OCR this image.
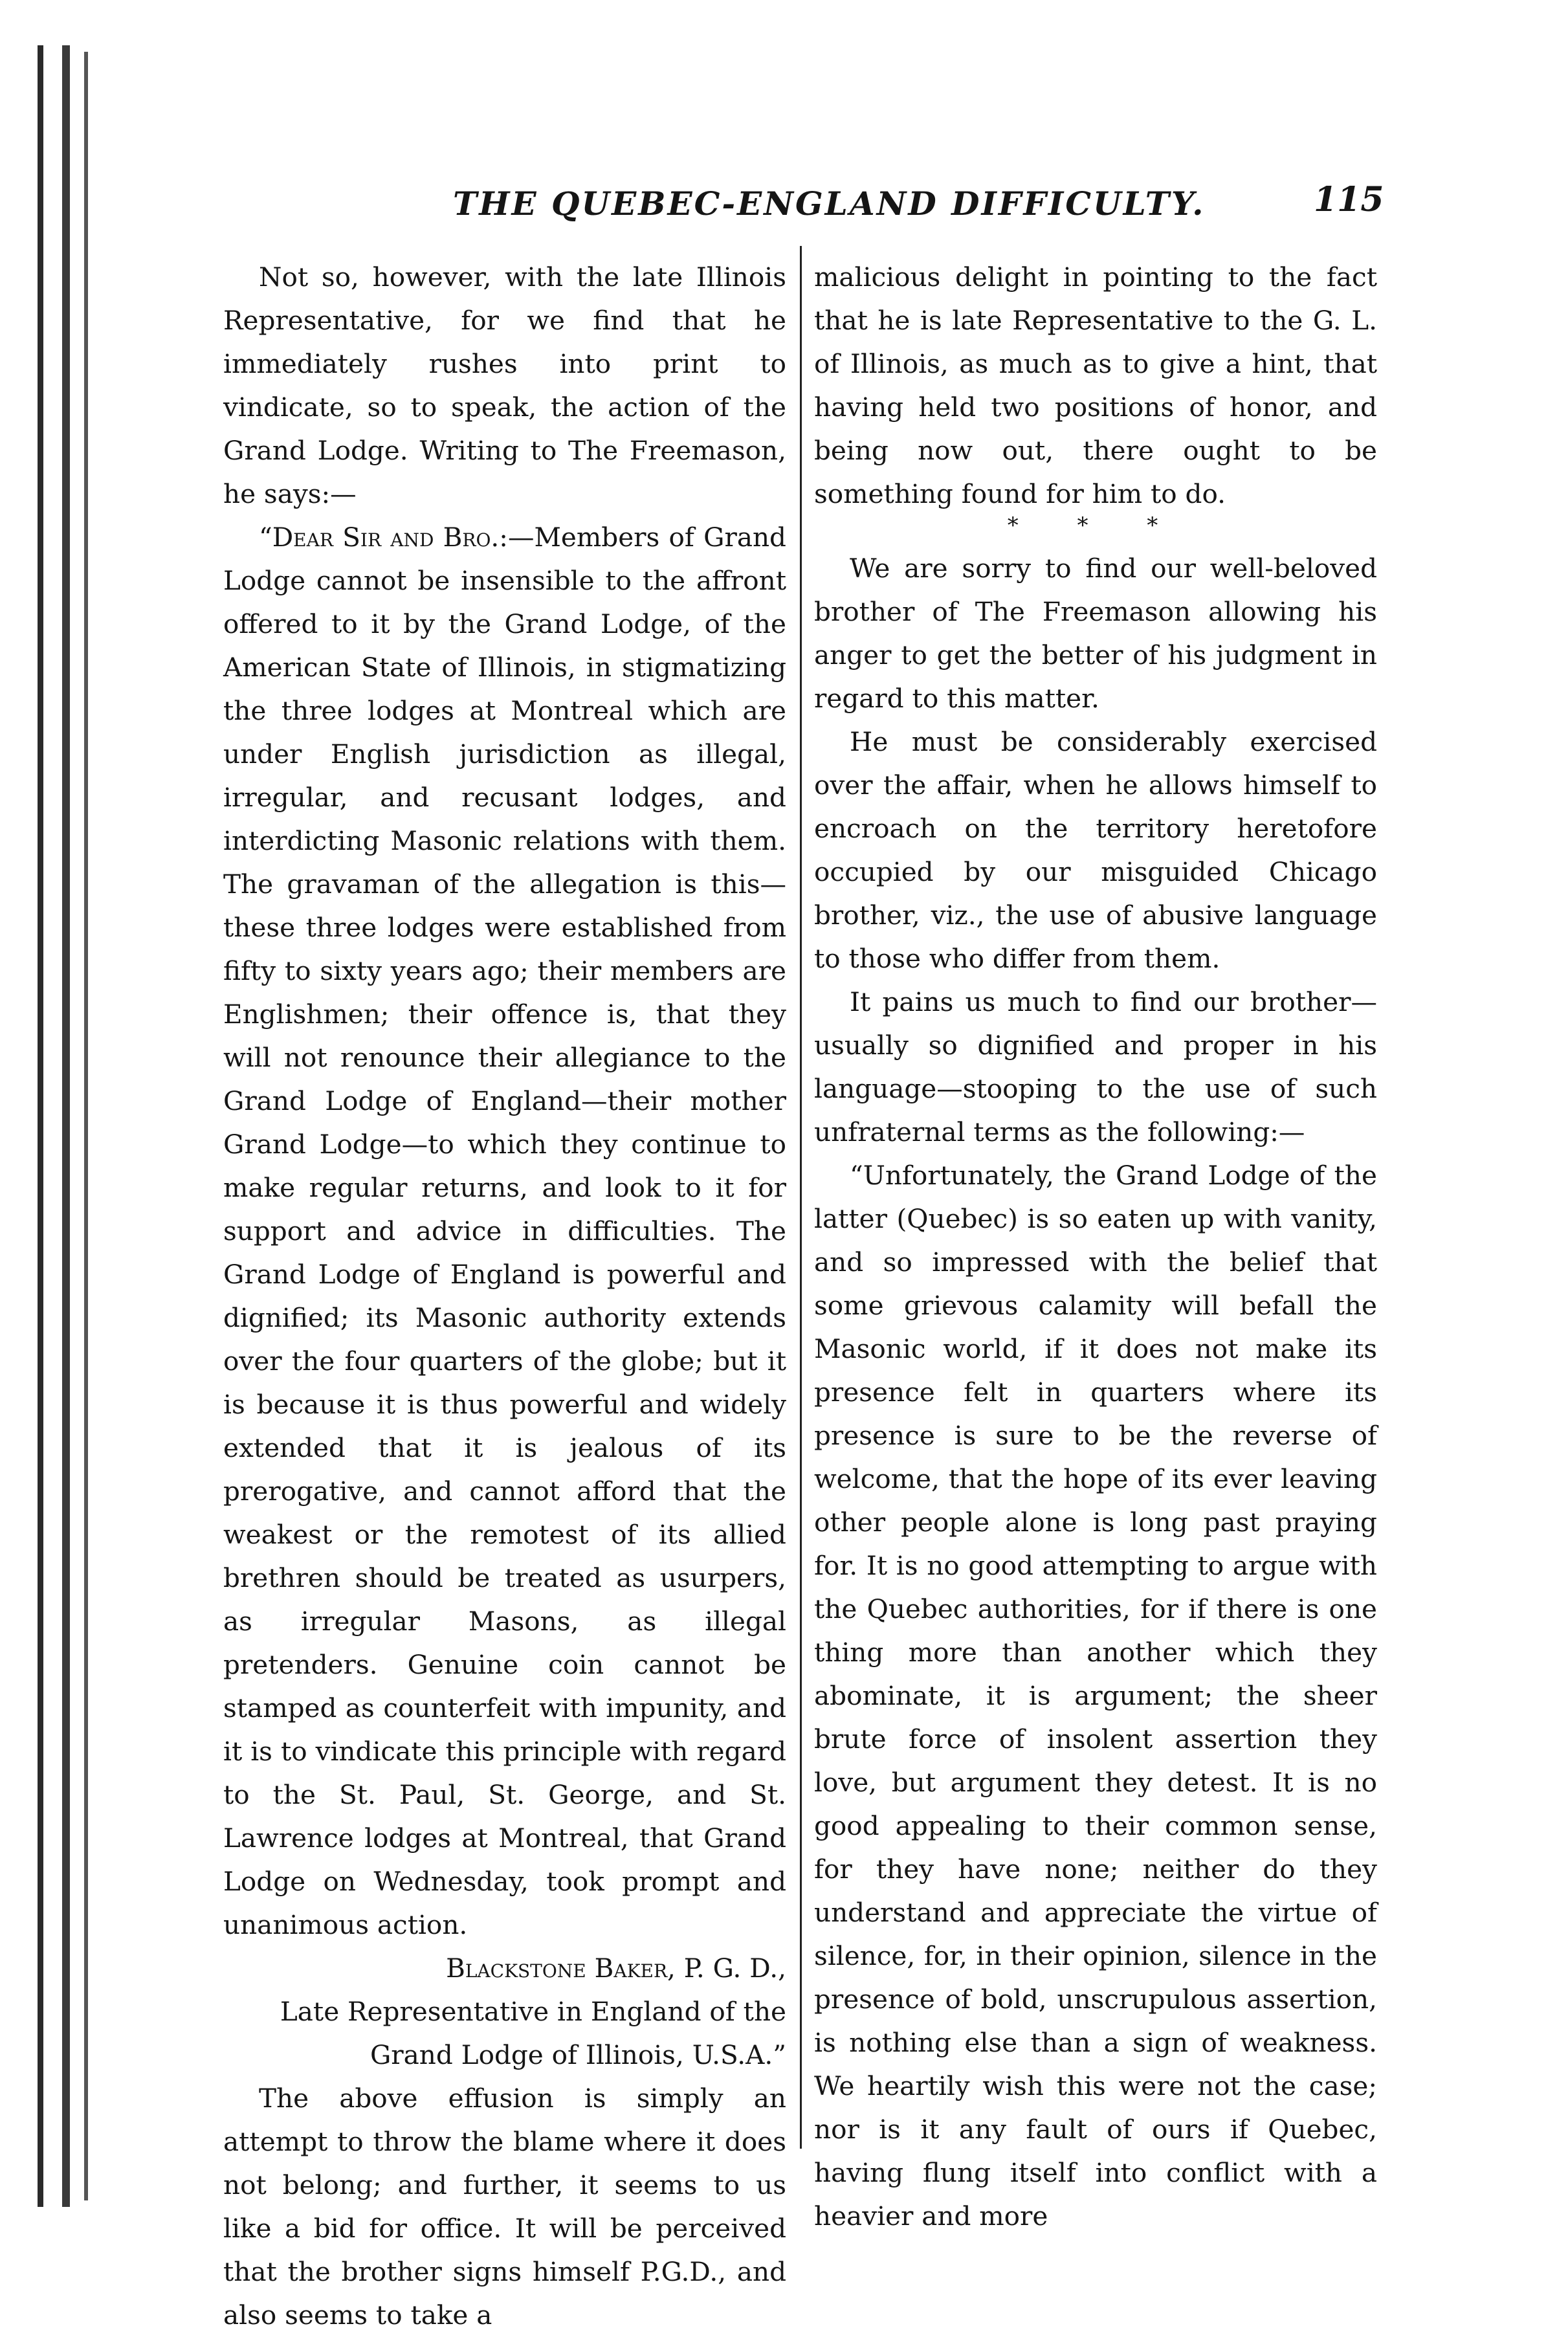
THE QUEBEC-ENGLAND DIFFICULTY.	115

Not so, however, with the late Illinois Representative, for we find that he immediately rushes into print to vindicate, so to speak, the action of the Grand Lodge. Writing to The Freemason, he says:—

“Dear Sir and Bro.:—Members of Grand Lodge cannot be insensible to the affront offered to it by the Grand Lodge, of the American State of Illinois, in stigmatizing the three lodges at Montreal which are under English jurisdiction as illegal, irregular, and recusant lodges, and interdicting Masonic relations with them. The gravaman of the allegation is this—these three lodges were established from fifty to sixty years ago; their members are Englishmen; their offence is, that they will not renounce their allegiance to the Grand Lodge of England—their mother Grand Lodge—to which they continue to make regular returns, and look to it for support and advice in difficulties. The Grand Lodge of England is powerful and dignified; its Masonic authority extends over the four quarters of the globe; but it is because it is thus powerful and widely extended that it is jealous of its prerogative, and cannot afford that the weakest or the remotest of its allied brethren should be treated as usurpers, as irregular Masons, as illegal pretenders. Genuine coin cannot be stamped as counterfeit with impunity, and it is to vindicate this principle with regard to the St. Paul, St. George, and St. Lawrence lodges at Montreal, that Grand Lodge on Wednesday, took prompt and unanimous action.

Blackstone Baker, P. G. D.,

Late Representative in England of the Grand Lodge of Illinois, U.S.A.”

The above effusion is simply an attempt to throw the blame where it does not belong; and further, it seems to us like a bid for office. It will be perceived that the brother signs himself P.G.D., and also seems to take a

malicious delight in pointing to the fact that he is late Representative to the G. L. of Illinois, as much as to give a hint, that having held two positions of honor, and being now out, there ought to be something found for him to do.

* * *

We are sorry to find our well-beloved brother of The Freemason allowing his anger to get the better of his judgment in regard to this matter.

He must be considerably exercised over the affair, when he allows himself to encroach on the territory heretofore occupied by our misguided Chicago brother, viz., the use of abusive language to those who differ from them.

It pains us much to find our brother—usually so dignified and proper in his language—stooping to the use of such unfraternal terms as the following:—

“Unfortunately, the Grand Lodge of the latter (Quebec) is so eaten up with vanity, and so impressed with the belief that some grievous calamity will befall the Masonic world, if it does not make its presence felt in quarters where its presence is sure to be the reverse of welcome, that the hope of its ever leaving other people alone is long past praying for. It is no good attempting to argue with the Quebec authorities, for if there is one thing more than another which they abominate, it is argument; the sheer brute force of insolent assertion they love, but argument they detest. It is no good appealing to their common sense, for they have none; neither do they understand and appreciate the virtue of silence, for, in their opinion, silence in the presence of bold, unscrupulous assertion, is nothing else than a sign of weakness. We heartily wish this were not the case; nor is it any fault of ours if Quebec, having flung itself into conflict with a heavier and more
